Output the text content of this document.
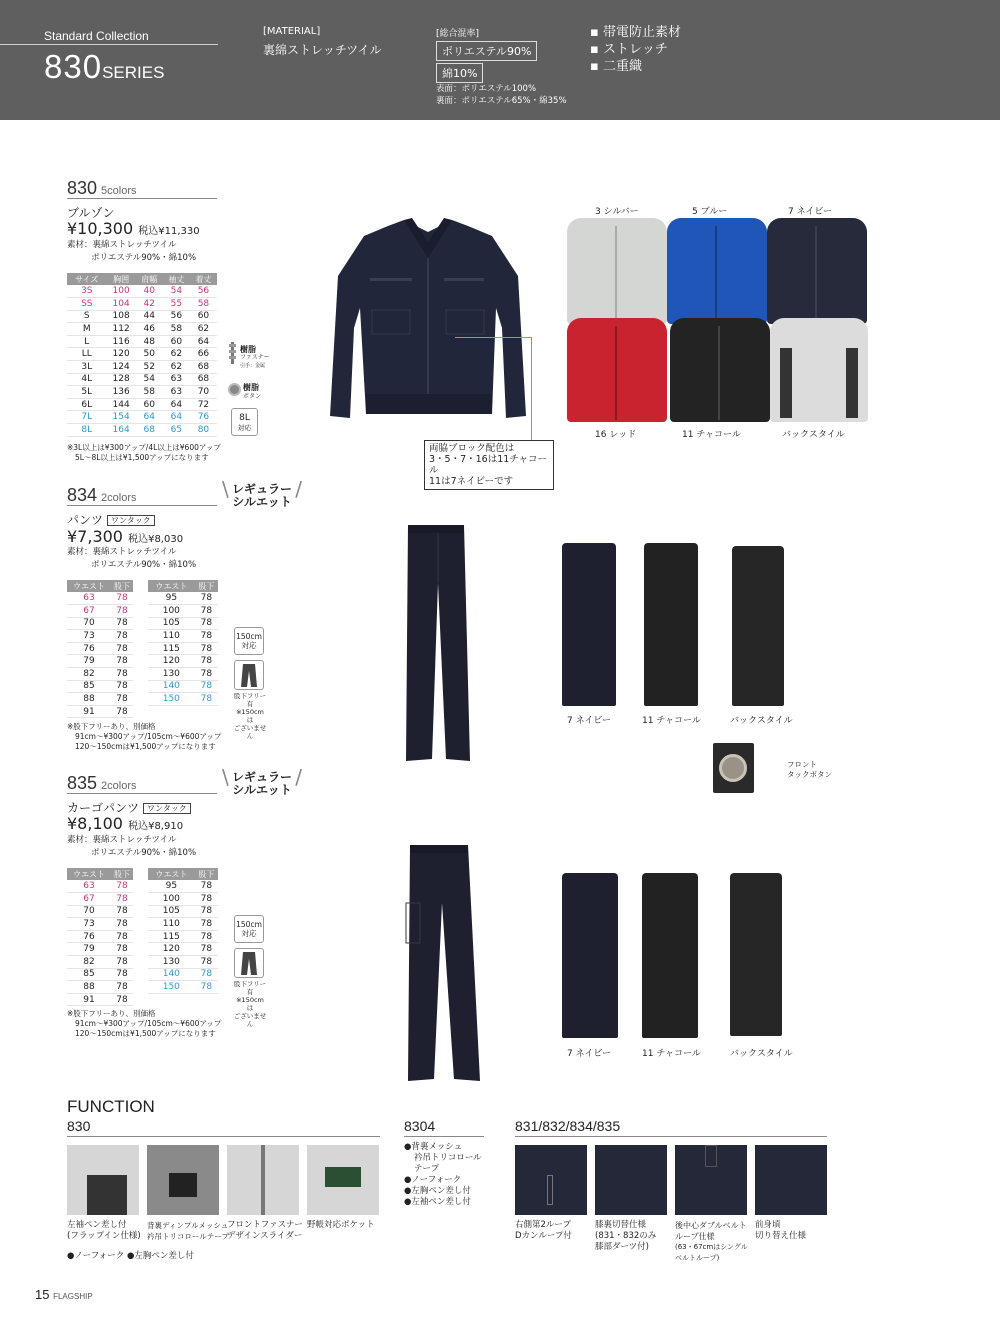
Standard Collection
830SERIES
[MATERIAL]
裏綿ストレッチツイル
[総合混率]
ポリエステル90%
綿10%
表面：ポリエステル100%
裏面：ポリエステル65%・綿35%
▪ 帯電防止素材
▪ ストレッチ
▪ 二重織
830 5colors
ブルゾン
¥10,300 税込¥11,330
素材：裏綿ストレッチツイル
ポリエステル90%・綿10%
サイズ	胸囲	肩幅	袖丈	着丈
3S	100	40	54	56
SS	104	42	55	58
S	108	44	56	60
M	112	46	58	62
L	116	48	60	64
LL	120	50	62	66
3L	124	52	62	68
4L	128	54	63	68
5L	136	58	63	70
6L	144	60	64	72
7L	154	64	64	76
8L	164	68	65	80
※3L以上は¥300アップ/4L以上は¥600アップ
5L〜8L以上は¥1,500アップになります
樹脂
ファスナー
引手：金属
樹脂
ボタン
8L
対応
両脇ブロック配色は
3・5・7・16は11チャコール
11は7ネイビーです
3 シルバー	5 ブルー	7 ネイビー
16 レッド	11 チャコール	バックスタイル
834 2colors	\ レギュラー
シルエット
/
パンツ ワンタック
¥7,300 税込¥8,030
素材：裏綿ストレッチツイル
ポリエステル90%・綿10%
ウエスト	股下
63	78
67	78
70	78
73	78
76	78
79	78
82	78
85	78
88	78
91	78
ウエスト	股下
95	78
100	78
105	78
110	78
115	78
120	78
130	78
140	78
150	78
150cm
対応
股下フリー有
※150cmは
ございません
※股下フリーあり、別価格
91cm〜¥300アップ/105cm〜¥600アップ
120〜150cmは¥1,500アップになります
7 ネイビー	11 チャコール	バックスタイル
フロント
タックボタン
835 2colors	\ レギュラー
シルエット
/
カーゴパンツ ワンタック
¥8,100 税込¥8,910
素材：裏綿ストレッチツイル
ポリエステル90%・綿10%
ウエスト	股下
63	78
67	78
70	78
73	78
76	78
79	78
82	78
85	78
88	78
91	78
ウエスト	股下
95	78
100	78
105	78
110	78
115	78
120	78
130	78
140	78
150	78
150cm
対応
股下フリー有
※150cmは
ございません
※股下フリーあり、別価格
91cm〜¥300アップ/105cm〜¥600アップ
120〜150cmは¥1,500アップになります
7 ネイビー	11 チャコール	バックスタイル
FUNCTION
830
左袖ペン差し付
(フラップイン仕様)
背裏ディンプルメッシュ
衿吊トリコロールテープ
フロントファスナー
デザインスライダー
野帳対応ポケット
●ノーフォーク ●左胸ペン差し付
8304
●背裏メッシュ
衿吊トリコロール
テープ
●ノーフォーク
●左胸ペン差し付
●左袖ペン差し付
831/832/834/835
右側第2ループ
Dカンループ付
膝裏切替仕様
(831・832のみ
膝部ダーツ付)
後中心ダブルベルト
ループ仕様
(63・67cmはシングル
ベルトループ)
前身頃
切り替え仕様
15 FLAGSHIP
